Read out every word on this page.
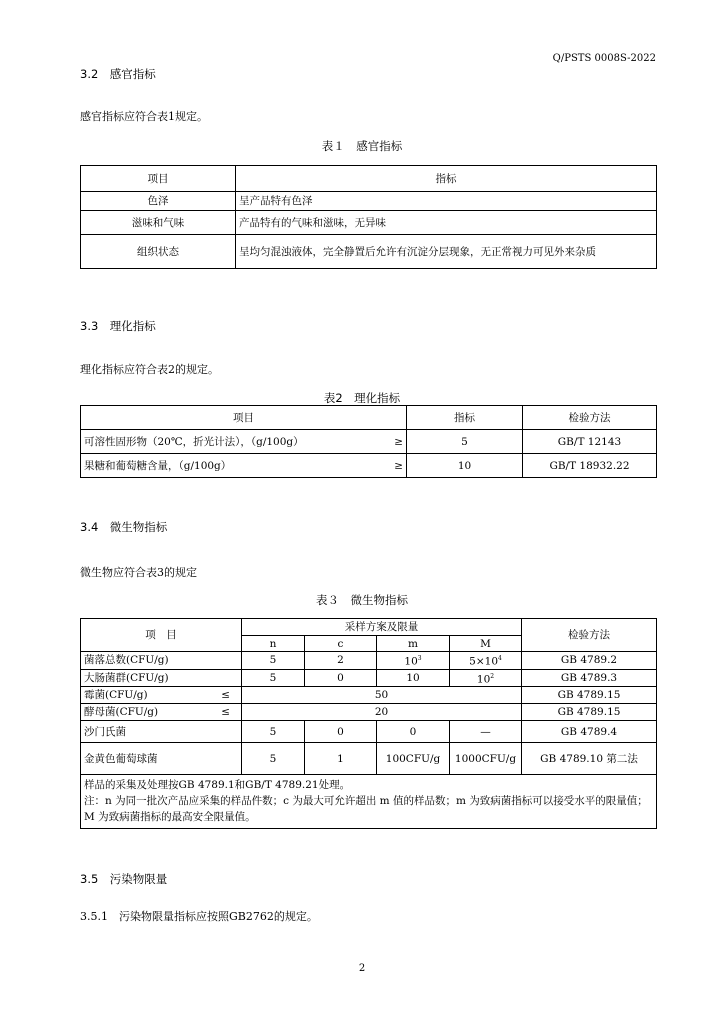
Q/PSTS 0008S-2022
3.2　感官指标
感官指标应符合表1规定。
表１　感官指标
项目	指标
色泽	呈产品特有色泽
滋味和气味	产品特有的气味和滋味，无异味
组织状态	呈均匀混浊液体，完全静置后允许有沉淀分层现象，无正常视力可见外来杂质
3.3　理化指标
理化指标应符合表2的规定。
表2　理化指标
项目	指标	检验方法
可溶性固形物（20℃，折光计法），（g/100g） ≥	5	GB/T 12143
果糖和葡萄糖含量，（g/100g） ≥	10	GB/T 18932.22
3.4　微生物指标
微生物应符合表3的规定
表３　微生物指标
项　目	采样方案及限量				检验方法
	n	c	m	M	
菌落总数(CFU/g)	5	2	$10^3$	$5\times 10^4$	GB 4789.2
大肠菌群(CFU/g)	5	0	10	$10^2$	GB 4789.3
霉菌(CFU/g) ≤	50				GB 4789.15
酵母菌(CFU/g) ≤	20				GB 4789.15
沙门氏菌	5	0	0	—	GB 4789.4
金黄色葡萄球菌	5	1	100CFU/g	1000CFU/g	GB 4789.10 第二法

样品的采集及处理按GB 4789.1和GB/T 4789.21处理。
注：n 为同一批次产品应采集的样品件数；c 为最大可允许超出 m 值的样品数；m 为致病菌指标可以接受水平的限量值；M 为致病菌指标的最高安全限量值。					
3.5　污染物限量
3.5.1　污染物限量指标应按照GB2762的规定。
2
